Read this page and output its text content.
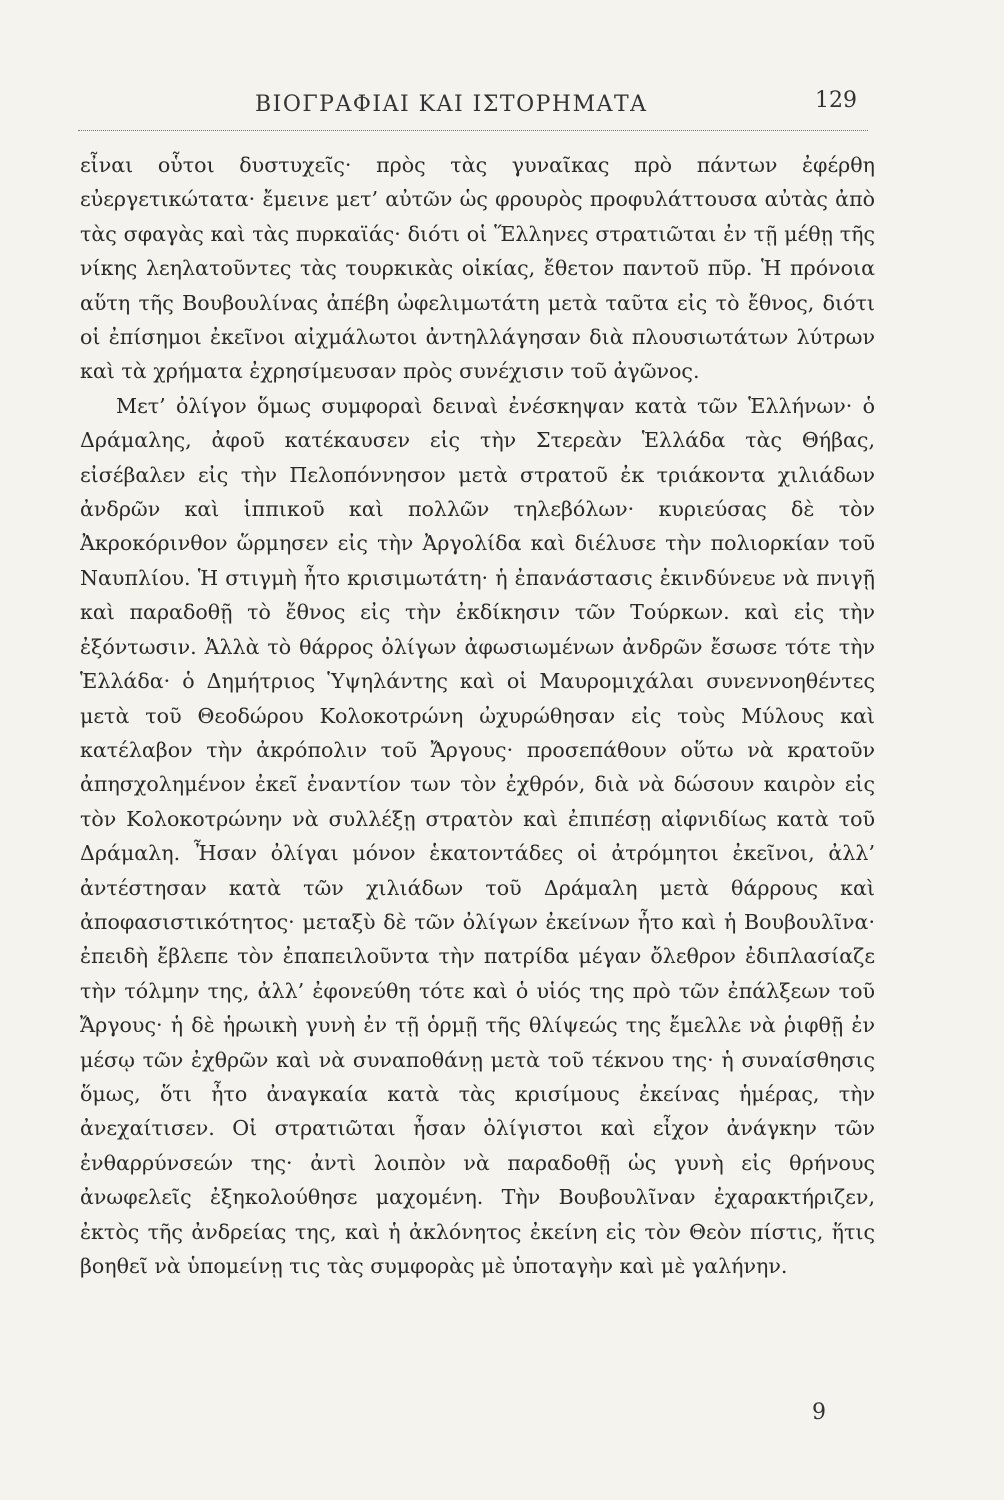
ΒΙΟΓΡΑΦΙΑΙ ΚΑΙ ΙΣΤΟΡΗΜΑΤΑ	129

εἶναι οὗτοι δυστυχεῖς· πρὸς τὰς γυναῖκας πρὸ πάντων ἐφέρθη εὐεργετικώτατα· ἔμεινε μετ’ αὐτῶν ὡς φρουρὸς προφυλάττουσα αὐτὰς ἀπὸ τὰς σφαγὰς καὶ τὰς πυρκαϊάς· διότι οἱ Ἕλληνες στρατιῶται ἐν τῇ μέθῃ τῆς νίκης λεηλατοῦντες τὰς τουρκικὰς οἰκίας, ἔθετον παντοῦ πῦρ. Ἡ πρόνοια αὕτη τῆς Βουβουλίνας ἀπέβη ὠφελιμωτάτη μετὰ ταῦτα εἰς τὸ ἔθνος, διότι οἱ ἐπίσημοι ἐκεῖνοι αἰχμάλωτοι ἀντηλλάγησαν διὰ πλουσιωτάτων λύτρων καὶ τὰ χρήματα ἐχρησίμευσαν πρὸς συνέχισιν τοῦ ἀγῶνος.

Μετ’ ὀλίγον ὅμως συμφοραὶ δειναὶ ἐνέσκηψαν κατὰ τῶν Ἑλλήνων· ὁ Δράμαλης, ἀφοῦ κατέκαυσεν εἰς τὴν Στερεὰν Ἑλλάδα τὰς Θήβας, εἰσέβαλεν εἰς τὴν Πελοπόννησον μετὰ στρατοῦ ἐκ τριάκοντα χιλιάδων ἀνδρῶν καὶ ἱππικοῦ καὶ πολλῶν τηλεβόλων· κυριεύσας δὲ τὸν Ἀκροκόρινθον ὥρμησεν εἰς τὴν Ἀργολίδα καὶ διέλυσε τὴν πολιορκίαν τοῦ Ναυπλίου. Ἡ στιγμὴ ἦτο κρισιμωτάτη· ἡ ἐπανάστασις ἐκινδύνευε νὰ πνιγῇ καὶ παραδοθῇ τὸ ἔθνος εἰς τὴν ἐκδίκησιν τῶν Τούρκων. καὶ εἰς τὴν ἐξόντωσιν. Ἀλλὰ τὸ θάρρος ὀλίγων ἀφωσιωμένων ἀνδρῶν ἔσωσε τότε τὴν Ἑλλάδα· ὁ Δημήτριος Ὑψηλάντης καὶ οἱ Μαυρομιχάλαι συνεννοηθέντες μετὰ τοῦ Θεοδώρου Κολοκοτρώνη ὠχυρώθησαν εἰς τοὺς Μύλους καὶ κατέλαβον τὴν ἀκρόπολιν τοῦ Ἄργους· προσεπάθουν οὕτω νὰ κρατοῦν ἀπησχολημένον ἐκεῖ ἐναντίον των τὸν ἐχθρόν, διὰ νὰ δώσουν καιρὸν εἰς τὸν Κολοκοτρώνην νὰ συλλέξῃ στρατὸν καὶ ἐπιπέσῃ αἰφνιδίως κατὰ τοῦ Δράμαλη. Ἦσαν ὀλίγαι μόνον ἑκατοντάδες οἱ ἀτρόμητοι ἐκεῖνοι, ἀλλ’ ἀντέστησαν κατὰ τῶν χιλιάδων τοῦ Δράμαλη μετὰ θάρρους καὶ ἀποφασιστικότητος· μεταξὺ δὲ τῶν ὀλίγων ἐκείνων ἦτο καὶ ἡ Βουβουλῖνα· ἐπειδὴ ἔβλεπε τὸν ἐπαπειλοῦντα τὴν πατρίδα μέγαν ὄλεθρον ἐδιπλασίαζε τὴν τόλμην της, ἀλλ’ ἐφονεύθη τότε καὶ ὁ υἱός της πρὸ τῶν ἐπάλξεων τοῦ Ἄργους· ἡ δὲ ἡρωικὴ γυνὴ ἐν τῇ ὁρμῇ τῆς θλίψεώς της ἔμελλε νὰ ῥιφθῇ ἐν μέσῳ τῶν ἐχθρῶν καὶ νὰ συναποθάνῃ μετὰ τοῦ τέκνου της· ἡ συναίσθησις ὅμως, ὅτι ἦτο ἀναγκαία κατὰ τὰς κρισίμους ἐκείνας ἡμέρας, τὴν ἀνεχαίτισεν. Οἱ στρατιῶται ἦσαν ὀλίγιστοι καὶ εἶχον ἀνάγκην τῶν ἐνθαρρύνσεών της· ἀντὶ λοιπὸν νὰ παραδοθῇ ὡς γυνὴ εἰς θρήνους ἀνωφελεῖς ἐξηκολούθησε μαχομένη. Τὴν Βουβουλῖναν ἐχαρακτήριζεν, ἐκτὸς τῆς ἀνδρείας της, καὶ ἡ ἀκλόνητος ἐκείνη εἰς τὸν Θεὸν πίστις, ἥτις βοηθεῖ νὰ ὑπομείνῃ τις τὰς συμφορὰς μὲ ὑποταγὴν καὶ μὲ γαλήνην.

9
